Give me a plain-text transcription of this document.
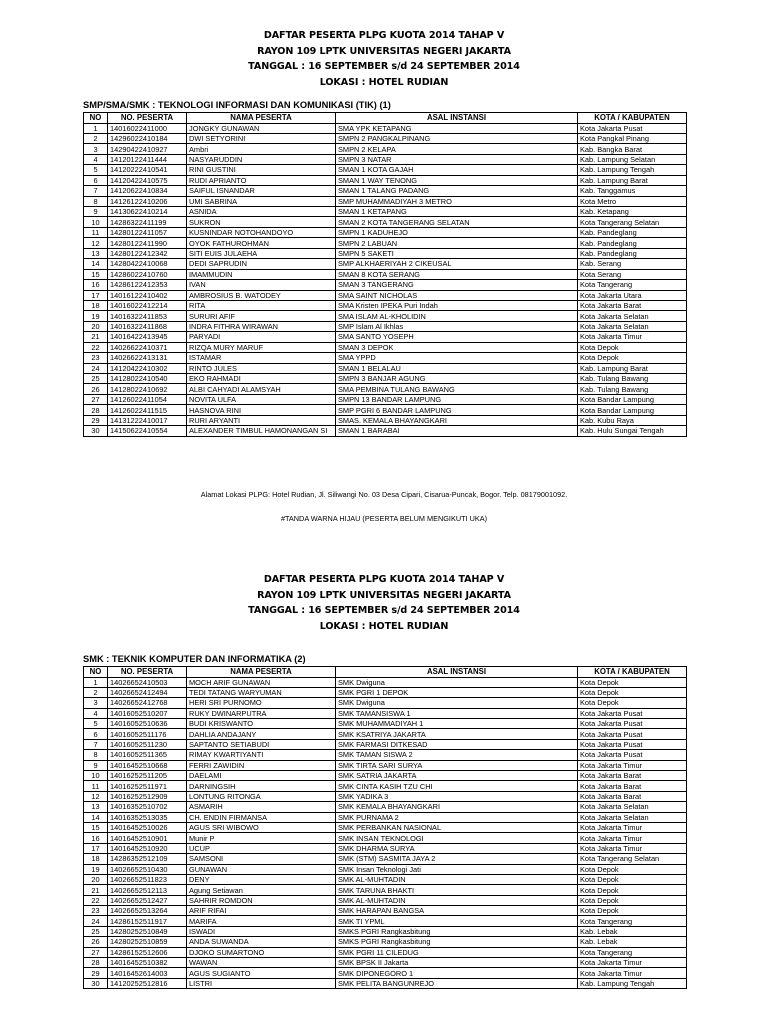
DAFTAR PESERTA PLPG KUOTA 2014 TAHAP V
RAYON 109 LPTK UNIVERSITAS NEGERI JAKARTA
TANGGAL : 16 SEPTEMBER s/d 24 SEPTEMBER 2014
LOKASI : HOTEL RUDIAN
SMP/SMA/SMK : TEKNOLOGI INFORMASI DAN KOMUNIKASI (TIK) (1)
NO	NO. PESERTA	NAMA PESERTA	ASAL INSTANSI	KOTA / KABUPATEN
1	14016022411000	JONGKY GUNAWAN	SMA YPK KETAPANG	Kota Jakarta Pusat
2	14296022410184	DWI SETYORINI	SMPN 2 PANGKALPINANG	Kota Pangkal Pinang
3	14290422410927	Ambri	SMPN 2 KELAPA	Kab. Bangka Barat
4	14120122411444	NASYARUDDIN	SMPN 3 NATAR	Kab. Lampung Selatan
5	14120222410541	RINI GUSTINI	SMAN 1 KOTA GAJAH	Kab. Lampung Tengah
6	14120422410575	RUDI APRIANTO	SMAN 1 WAY TENONG	Kab. Lampung Barat
7	14120622410834	SAIFUL ISNANDAR	SMAN 1 TALANG PADANG	Kab. Tanggamus
8	14126122410206	UMI SABRINA	SMP MUHAMMADIYAH 3 METRO	Kota Metro
9	14130622410214	ASNIDA	SMAN 1 KETAPANG	Kab. Ketapang
10	14286322411199	SUKRON	SMAN 2 KOTA TANGERANG SELATAN	Kota Tangerang Selatan
11	14280122411057	KUSNINDAR NOTOHANDOYO	SMPN 1 KADUHEJO	Kab. Pandeglang
12	14280122411990	OYOK FATHUROHMAN	SMPN 2 LABUAN	Kab. Pandeglang
13	14280122412342	SITI EUIS JULAEHA	SMPN 5 SAKETI	Kab. Pandeglang
14	14280422410068	DEDI SAPRUDIN	SMP ALKHAERIYAH 2 CIKEUSAL	Kab. Serang
15	14286022410760	IMAMMUDIN	SMAN 8 KOTA SERANG	Kota Serang
16	14286122412353	IVAN	SMAN 3 TANGERANG	Kota Tangerang
17	14016122410402	AMBROSIUS B. WATODEY	SMA SAINT NICHOLAS	Kota Jakarta Utara
18	14016022412214	RITA	SMA Kristen IPEKA Puri Indah	Kota Jakarta Barat
19	14016322411853	SURURI AFIF	SMA ISLAM AL-KHOLIDIN	Kota Jakarta Selatan
20	14016322411868	INDRA FITHRA WIRAWAN	SMP Islam Al Ikhlas	Kota Jakarta Selatan
21	14016422413945	PARYADI	SMA SANTO YOSEPH	Kota Jakarta Timur
22	14026622410371	RIZQA MURY MARUF	SMAN 3 DEPOK	Kota Depok
23	14026622413131	ISTAMAR	SMA YPPD	Kota Depok
24	14120422410302	RINTO JULES	SMAN 1 BELALAU	Kab. Lampung Barat
25	14128022410540	EKO RAHMADI	SMPN 3 BANJAR AGUNG	Kab. Tulang Bawang
26	14128022410692	ALBI CAHYADI ALAMSYAH	SMA PEMBINA TULANG BAWANG	Kab. Tulang Bawang
27	14126022411054	NOVITA ULFA	SMPN 13 BANDAR LAMPUNG	Kota Bandar Lampung
28	14126022411515	HASNOVA RINI	SMP PGRI 6 BANDAR LAMPUNG	Kota Bandar Lampung
29	14131222410017	RURI ARYANTI	SMAS. KEMALA BHAYANGKARI	Kab. Kubu Raya
30	14150622410554	ALEXANDER TIMBUL HAMONANGAN SI	SMAN 1 BARABAI	Kab. Hulu Sungai Tengah
Alamat Lokasi PLPG: Hotel Rudian, Jl. Siliwangi No. 03 Desa Cipari, Cisarua-Puncak, Bogor. Telp. 08179001092.
#TANDA WARNA HIJAU (PESERTA BELUM MENGIKUTI UKA)
DAFTAR PESERTA PLPG KUOTA 2014 TAHAP V
RAYON 109 LPTK UNIVERSITAS NEGERI JAKARTA
TANGGAL : 16 SEPTEMBER s/d 24 SEPTEMBER 2014
LOKASI : HOTEL RUDIAN
SMK : TEKNIK KOMPUTER DAN INFORMATIKA (2)
NO	NO. PESERTA	NAMA PESERTA	ASAL INSTANSI	KOTA / KABUPATEN
1	14026652410503	MOCH ARIF GUNAWAN	SMK Dwiguna	Kota Depok
2	14026652412494	TEDI TATANG WARYUMAN	SMK PGRI 1 DEPOK	Kota Depok
3	14026652412768	HERI SRI PURNOMO	SMK Dwiguna	Kota Depok
4	14016052510207	RUKY DWINARPUTRA	SMK TAMANSISWA 1	Kota Jakarta Pusat
5	14016052510636	BUDI KRISWANTO	SMK MUHAMMADIYAH 1	Kota Jakarta Pusat
6	14016052511176	DAHLIA ANDAJANY	SMK KSATRIYA JAKARTA	Kota Jakarta Pusat
7	14016052511230	SAPTANTO SETIABUDI	SMK FARMASI DITKESAD	Kota Jakarta Pusat
8	14016052511365	RIMAY KWARTIYANTI	SMK TAMAN SISWA 2	Kota Jakarta Pusat
9	14016452510668	FERRI ZAWIDIN	SMK TIRTA SARI SURYA	Kota Jakarta Timur
10	14016252511205	DAELAMI	SMK SATRIA JAKARTA	Kota Jakarta Barat
11	14016252511971	DARNINGSIH	SMK CINTA KASIH TZU CHI	Kota Jakarta Barat
12	14016252512909	LONTUNG RITONGA	SMK YADIKA 3	Kota Jakarta Barat
13	14016352510702	ASMARIH	SMK KEMALA BHAYANGKARI	Kota Jakarta Selatan
14	14016352513035	CH. ENDIN FIRMANSA	SMK PURNAMA 2	Kota Jakarta Selatan
15	14016452510026	AGUS SRI WIBOWO	SMK PERBANKAN NASIONAL	Kota Jakarta Timur
16	14016452510901	Munir P	SMK INSAN TEKNOLOGI	Kota Jakarta Timur
17	14016452510920	UCUP	SMK DHARMA SURYA	Kota Jakarta Timur
18	14286352512109	SAMSONI	SMK (STM) SASMITA JAYA 2	Kota Tangerang Selatan
19	14026652510430	GUNAWAN	SMK Insan Teknologi Jati	Kota Depok
20	14026652511823	DENY	SMK AL-MUHTADIN	Kota Depok
21	14026652512113	Agung Setiawan	SMK TARUNA BHAKTI	Kota Depok
22	14026652512427	SAHRIR ROMDON	SMK AL-MUHTADIN	Kota Depok
23	14026652513264	ARIF RIFAI	SMK HARAPAN BANGSA	Kota Depok
24	14286152511917	MARIFA	SMK TI YPML	Kota Tangerang
25	14280252510849	ISWADI	SMKS PGRI Rangkasbitung	Kab. Lebak
26	14280252510859	ANDA SUWANDA	SMKS PGRI Rangkasbitung	Kab. Lebak
27	14286152512606	DJOKO SUMARTONO	SMK PGRI 11 CILEDUG	Kota Tangerang
28	14016452510382	WAWAN	SMK BPSK II Jakarta	Kota Jakarta Timur
29	14016452614003	AGUS SUGIANTO	SMK DIPONEGORO 1	Kota Jakarta Timur
30	14120252512816	LISTRI	SMK PELITA BANGUNREJO	Kab. Lampung Tengah
